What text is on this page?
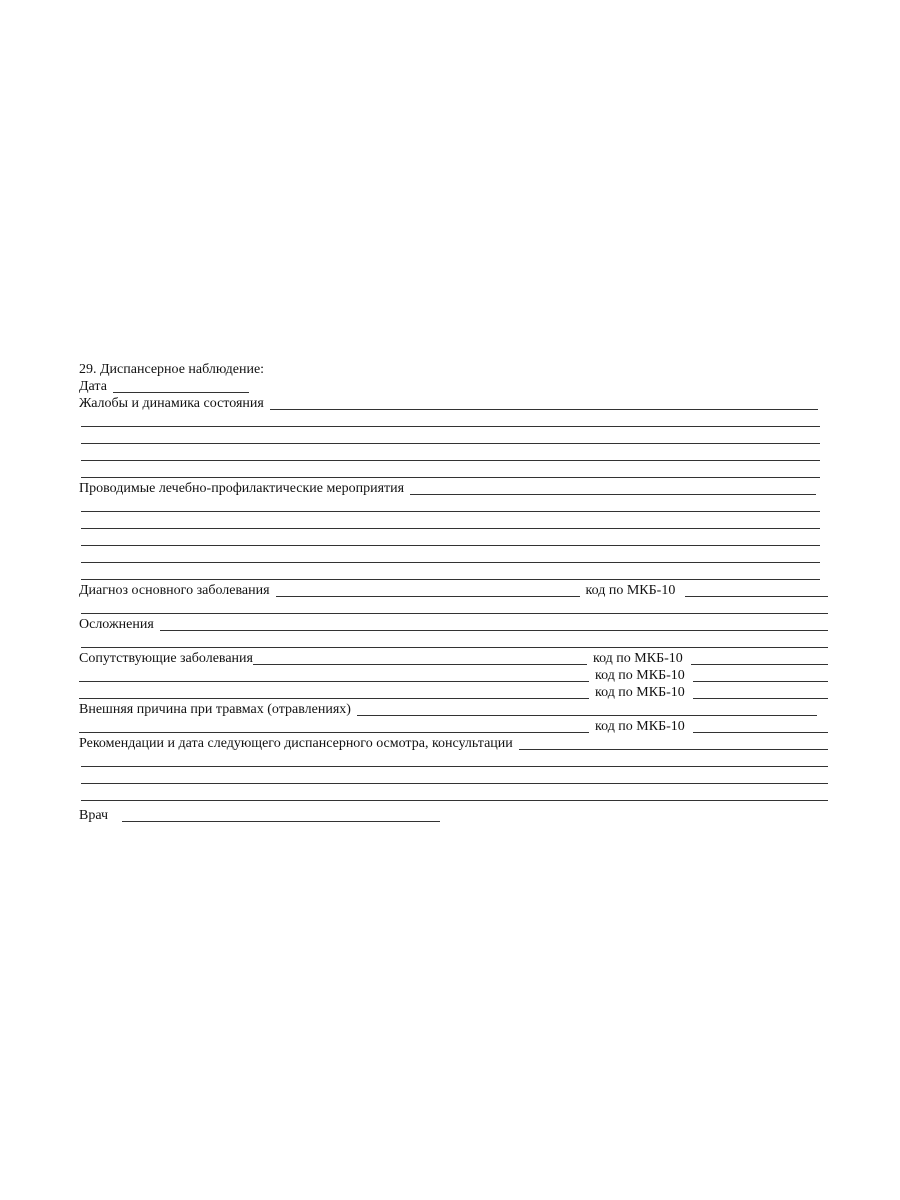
29. Диспансерное наблюдение:
Дата
Жалобы и динамика состояния
Проводимые лечебно-профилактические мероприятия
Диагноз основного заболевания	код по МКБ-10
Осложнения
Сопутствующие заболевания	код по МКБ-10
код по МКБ-10
код по МКБ-10
Внешняя причина при травмах (отравлениях)
код по МКБ-10
Рекомендации и дата следующего диспансерного осмотра, консультации
Врач
